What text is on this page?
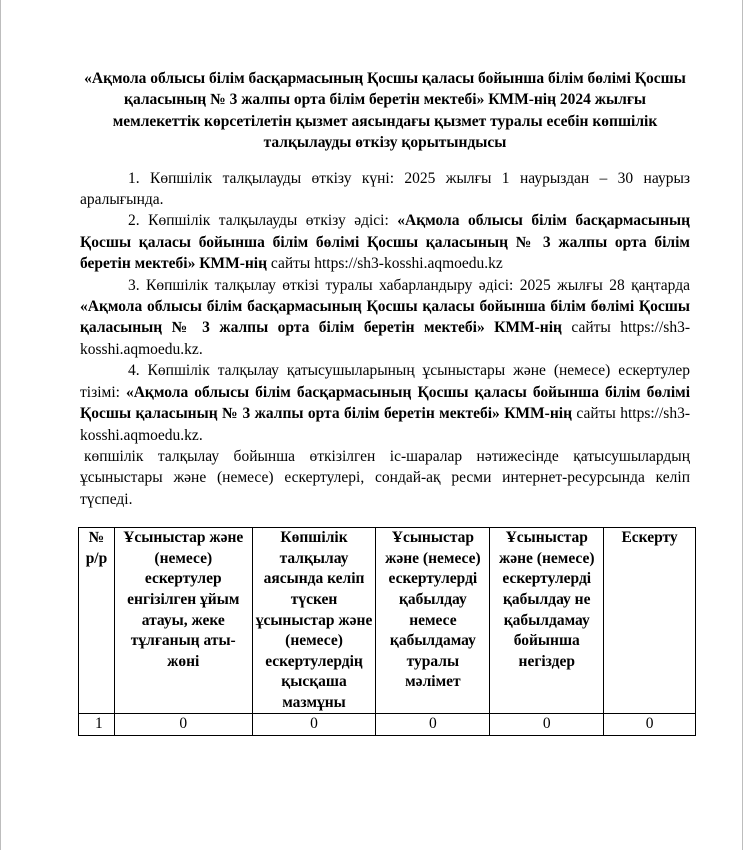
«Ақмола облысы білім басқармасының Қосшы қаласы бойынша білім бөлімі Қосшы қаласының № 3 жалпы орта білім беретін мектебі» КММ-нің 2024 жылғы мемлекеттік көрсетілетін қызмет аясындағы қызмет туралы есебін көпшілік талқылауды өткізу қорытындысы

1. Көпшілік талқылауды өткізу күні: 2025 жылғы 1 наурыздан – 30 наурыз аралығында.

2. Көпшілік талқылауды өткізу әдісі: «Ақмола облысы білім басқармасының Қосшы қаласы бойынша білім бөлімі Қосшы қаласының № 3 жалпы орта білім беретін мектебі» КММ-нің сайты https://sh3-kosshi.aqmoedu.kz

3. Көпшілік талқылау өткізі туралы хабарландыру әдісі: 2025 жылғы 28 қаңтарда «Ақмола облысы білім басқармасының Қосшы қаласы бойынша білім бөлімі Қосшы қаласының № 3 жалпы орта білім беретін мектебі» КММ-нің сайты https://sh3-kosshi.aqmoedu.kz.

4. Көпшілік талқылау қатысушыларының ұсыныстары және (немесе) ескертулер тізімі: «Ақмола облысы білім басқармасының Қосшы қаласы бойынша білім бөлімі Қосшы қаласының № 3 жалпы орта білім беретін мектебі» КММ-нің сайты https://sh3-kosshi.aqmoedu.kz.

көпшілік талқылау бойынша өткізілген іс-шаралар нәтижесінде қатысушылардың ұсыныстары және (немесе) ескертулері, сондай-ақ ресми интернет-ресурсында келіп түспеді.

№ р/р	Ұсыныстар және (немесе) ескертулер енгізілген ұйым атауы, жеке тұлғаның аты-жөні	Көпшілік талқылау аясында келіп түскен ұсыныстар және (немесе) ескертулердің қысқаша мазмұны	Ұсыныстар және (немесе) ескертулерді қабылдау немесе қабылдамау туралы мәлімет	Ұсыныстар және (немесе) ескертулерді қабылдау не қабылдамау бойынша негіздер	Ескерту
1	0	0	0	0	0
